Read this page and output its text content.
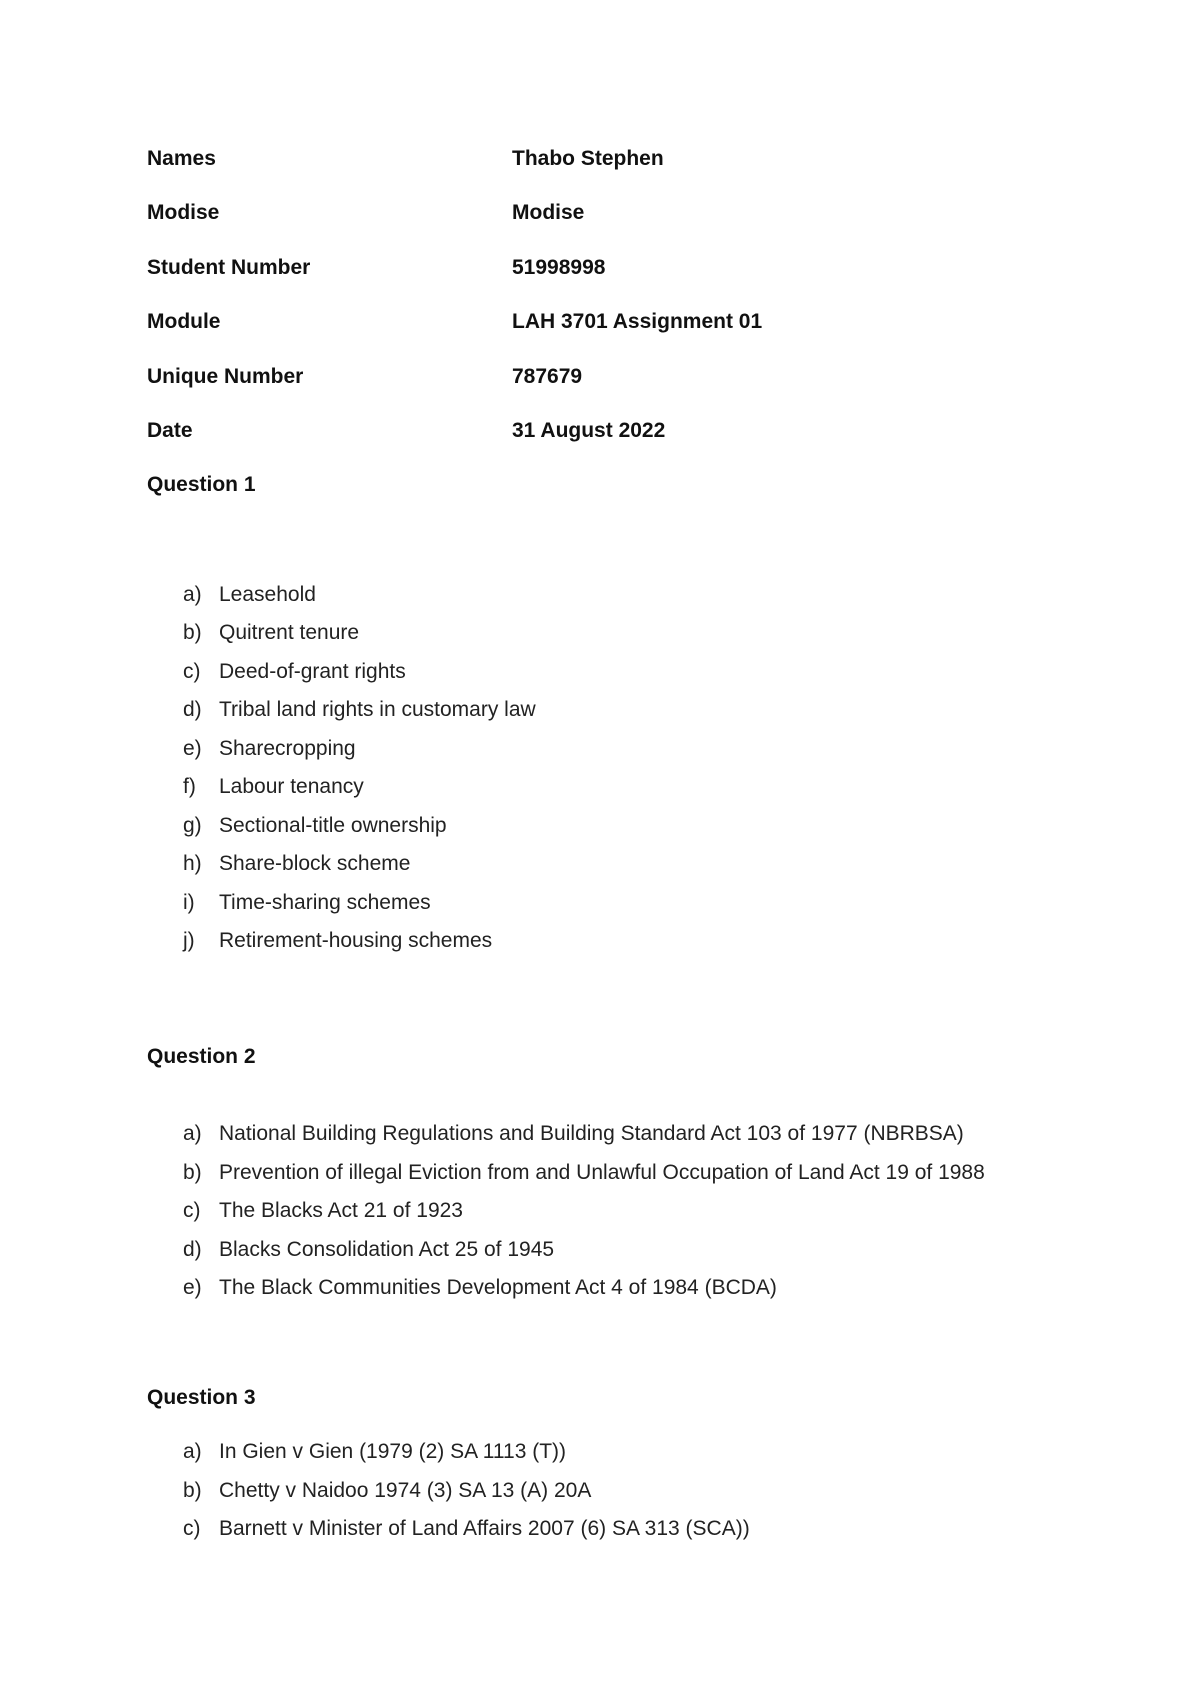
Names	Thabo Stephen
Modise	Modise
Student Number	51998998
Module	LAH 3701 Assignment 01
Unique Number	787679
Date	31 August 2022
Question 1
a) Leasehold
b) Quitrent tenure
c) Deed-of-grant rights
d) Tribal land rights in customary law
e) Sharecropping
f) Labour tenancy
g) Sectional-title ownership
h) Share-block scheme
i) Time-sharing schemes
j) Retirement-housing schemes
Question 2
a) National Building Regulations and Building Standard Act 103 of 1977 (NBRBSA)
b) Prevention of illegal Eviction from and Unlawful Occupation of Land Act 19 of 1988
c) The Blacks Act 21 of 1923
d) Blacks Consolidation Act 25 of 1945
e) The Black Communities Development Act 4 of 1984 (BCDA)
Question 3
a) In Gien v Gien (1979 (2) SA 1113 (T))
b) Chetty v Naidoo 1974 (3) SA 13 (A) 20A
c) Barnett v Minister of Land Affairs 2007 (6) SA 313 (SCA))
